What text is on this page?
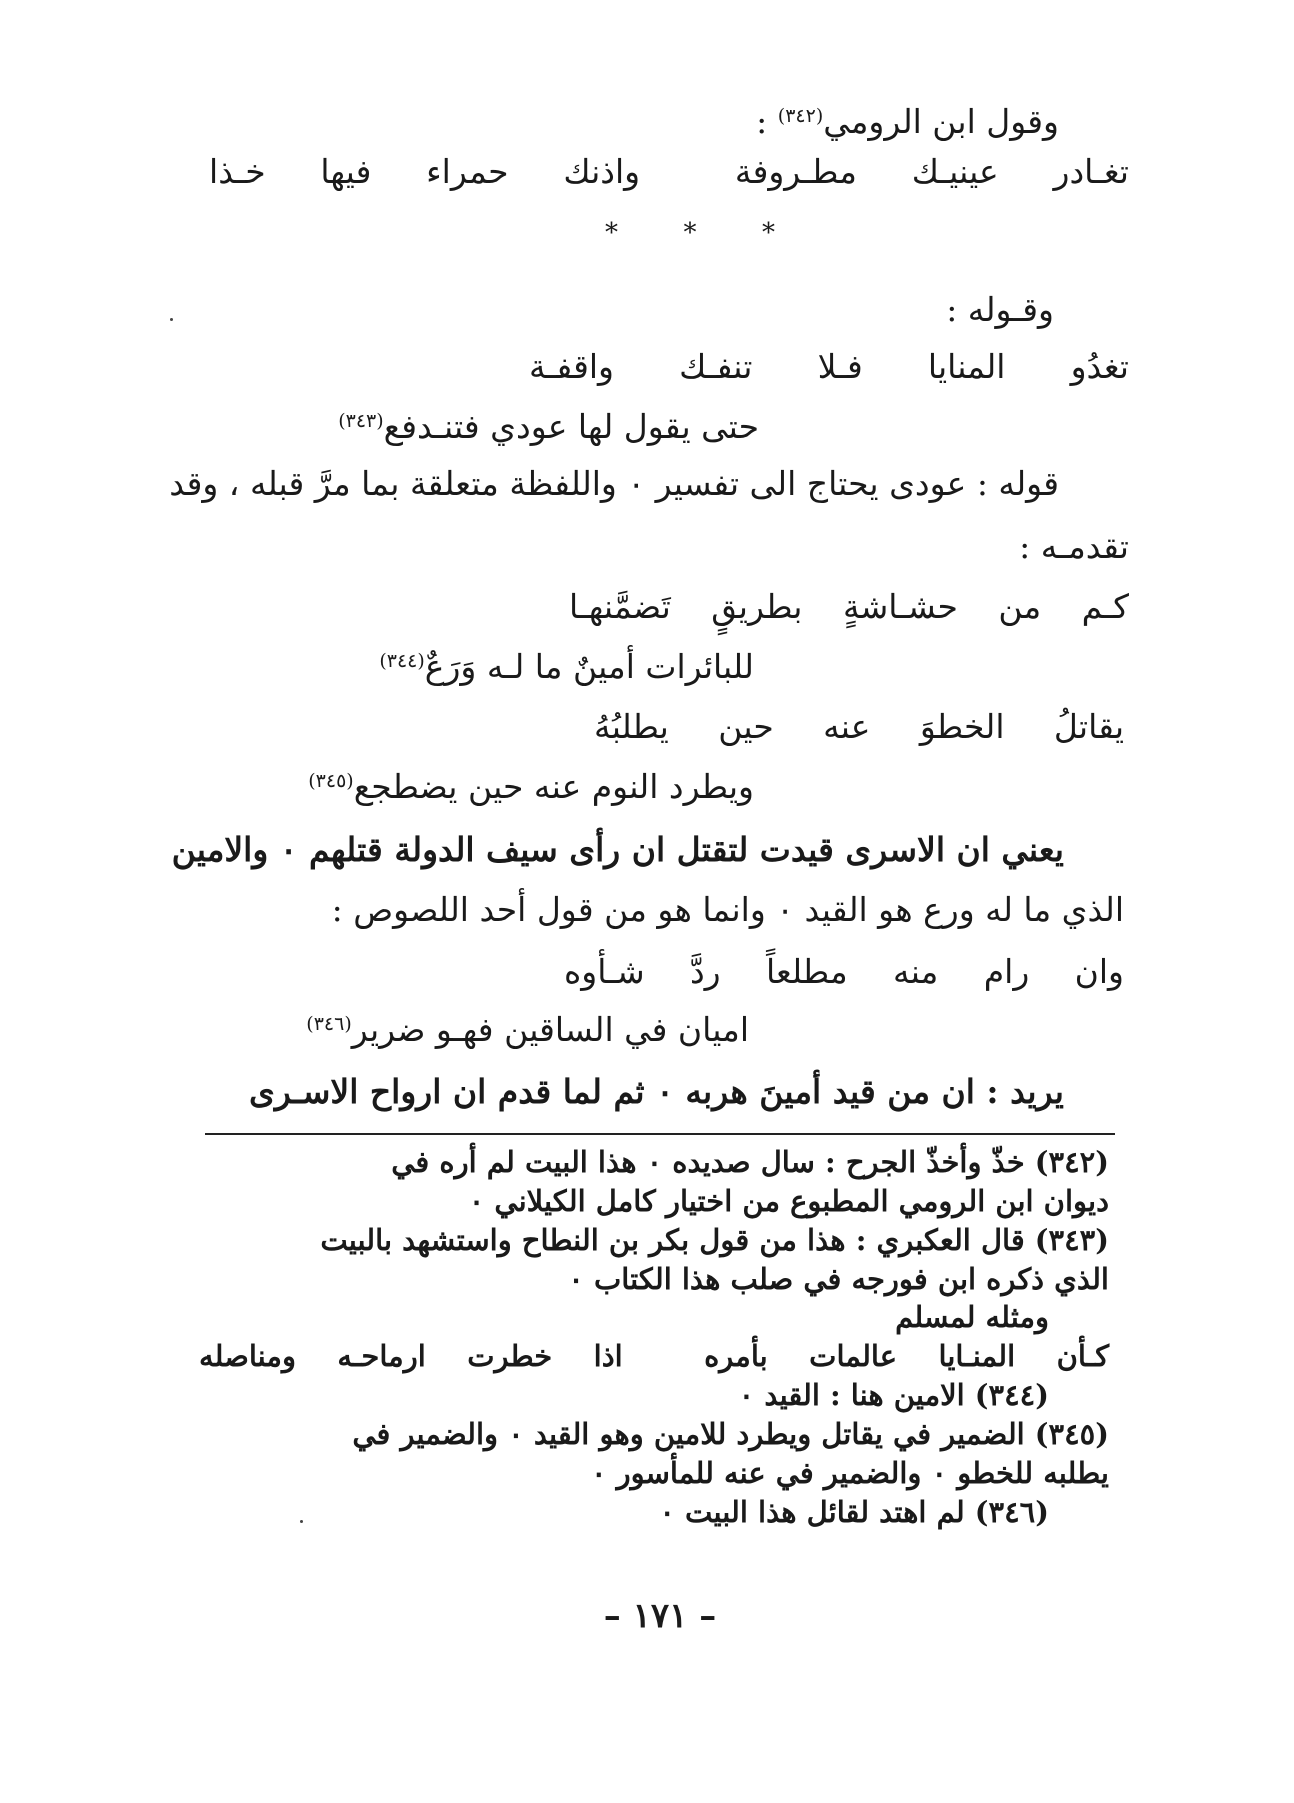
وقول ابن الرومي$^{(٣٤٢)}$ :
تغـادر
عينيـك
مطـروفة
واذنك
حمراء
فيها
خـذا
*	*	*
وقـوله :
تغدُو
المنايا
فـلا
تنفـك
واقفـة
حتى يقول لها عودي فتنـدفع$^{(٣٤٣)}$
قوله : عودى يحتاج الى تفسير ٠ واللفظة متعلقة بما مرَّ قبله ، وقد
تقدمـه :
كـم
من
حشـاشةٍ
بطريقٍ
تَضمَّنهـا
للبائرات أمينٌ ما لـه وَرَعٌ$^{(٣٤٤)}$
يقاتلُ
الخطوَ
عنه
حين
يطلبُهُ
ويطرد النوم عنه حين يضطجع$^{(٣٤٥)}$
يعني ان الاسرى قيدت لتقتل ان رأى سيف الدولة قتلهم ٠ والامين
الذي ما له ورع هو القيد ٠ وانما هو من قول أحد اللصوص :
وان
رام
منه
مطلعاً
ردَّ
شـأوه
اميان في الساقين فهـو ضرير$^{(٣٤٦)}$
يريد : ان من قيد أمينَ هربه ٠ ثم لما قدم ان ارواح الاسـرى
(٣٤٢) خذّ وأخذّ الجرح : سال صديده ٠ هذا البيت لم أره في
ديوان ابن الرومي المطبوع من اختيار كامل الكيلاني ٠
(٣٤٣) قال العكبري : هذا من قول بكر بن النطاح واستشهد بالبيت
الذي ذكره ابن فورجه في صلب هذا الكتاب ٠
ومثله لمسلم
كـأن
المنـايا
عالمات
بأمره
اذا
خطرت
ارماحـه
ومناصله
(٣٤٤) الامين هنا : القيد ٠
(٣٤٥) الضمير في يقاتل ويطرد للامين وهو القيد ٠ والضمير في
يطلبه للخطو ٠ والضمير في عنه للمأسور ٠
(٣٤٦) لم اهتد لقائل هذا البيت ٠
– ١٧١ –
